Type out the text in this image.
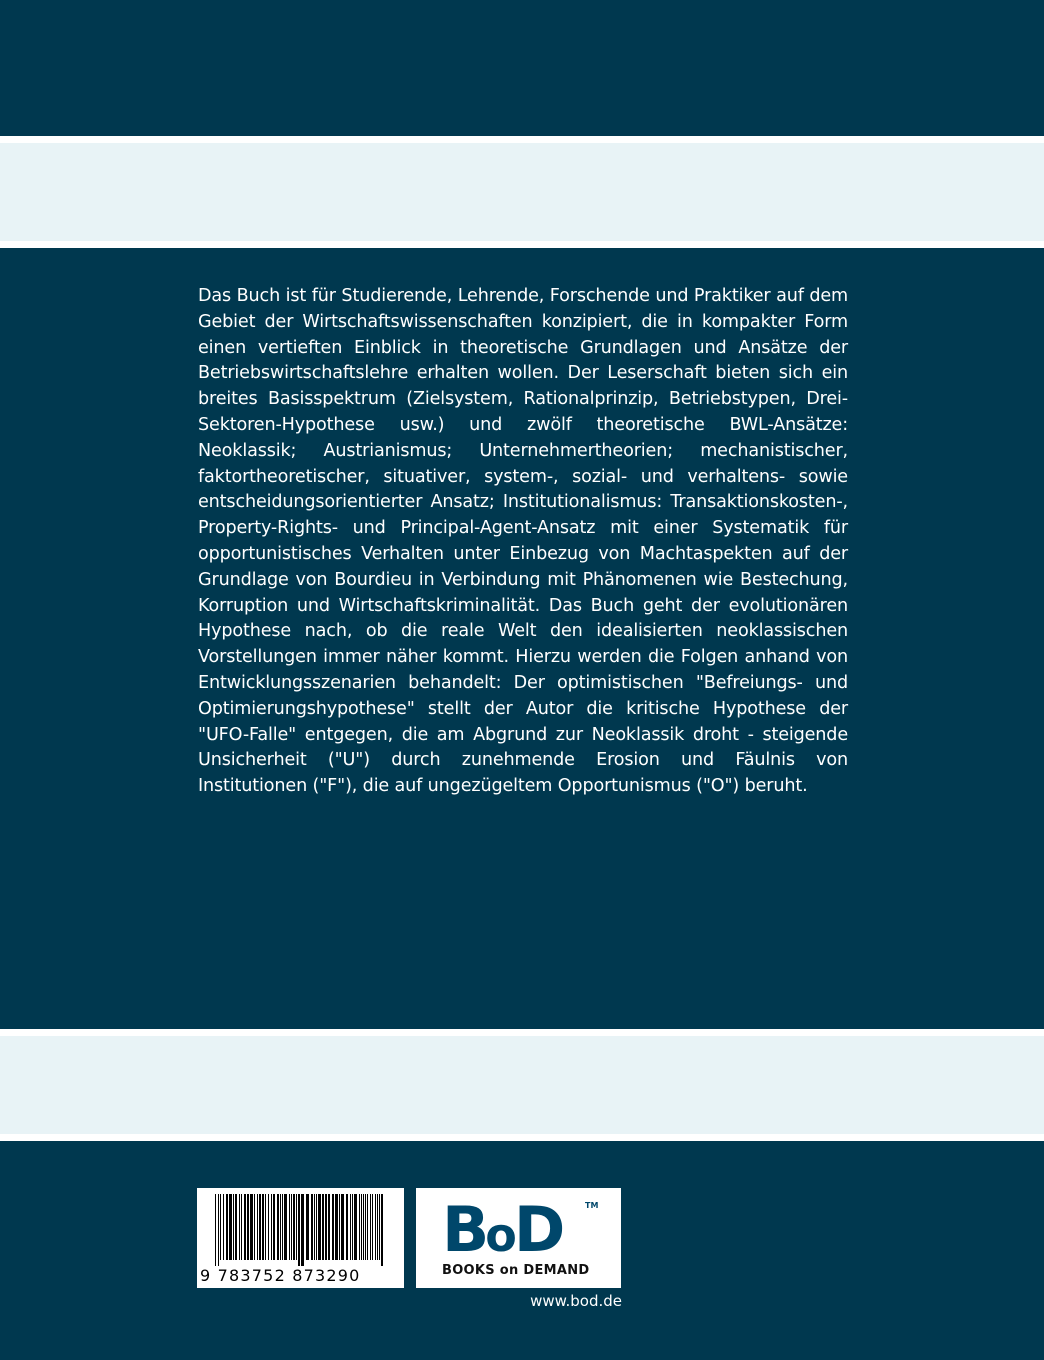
Das Buch ist für Studierende, Lehrende, Forschende und Praktiker auf dem Gebiet der Wirtschaftswissenschaften konzipiert, die in kompakter Form einen vertieften Einblick in theoretische Grundlagen und Ansätze der Betriebswirtschaftslehre erhalten wollen. Der Leserschaft bieten sich ein breites Basisspektrum (Zielsystem, Rationalprinzip, Betriebstypen, Drei-Sektoren-Hypothese usw.) und zwölf theoretische BWL-Ansätze: Neoklassik; Austrianismus; Unternehmertheorien; mechanistischer, faktortheoretischer, situativer, system-, sozial- und verhaltens- sowie entscheidungsorientierter Ansatz; Institutionalismus: Transaktionskosten-, Property-Rights- und Principal-Agent-Ansatz mit einer Systematik für opportunistisches Verhalten unter Einbezug von Machtaspekten auf der Grundlage von Bourdieu in Verbindung mit Phänomenen wie Bestechung, Korruption und Wirtschaftskriminalität. Das Buch geht der evolutionären Hypothese nach, ob die reale Welt den idealisierten neoklassischen Vorstellungen immer näher kommt. Hierzu werden die Folgen anhand von Entwicklungsszenarien behandelt: Der optimistischen "Befreiungs- und Optimierungshypothese" stellt der Autor die kritische Hypothese der "UFO-Falle" entgegen, die am Abgrund zur Neoklassik droht - steigende Unsicherheit ("U") durch zunehmende Erosion und Fäulnis von Institutionen ("F"), die auf ungezügeltem Opportunismus ("O") beruht.

9 783752 873290
BoD	TM
BOOKS on DEMAND
www.bod.de
